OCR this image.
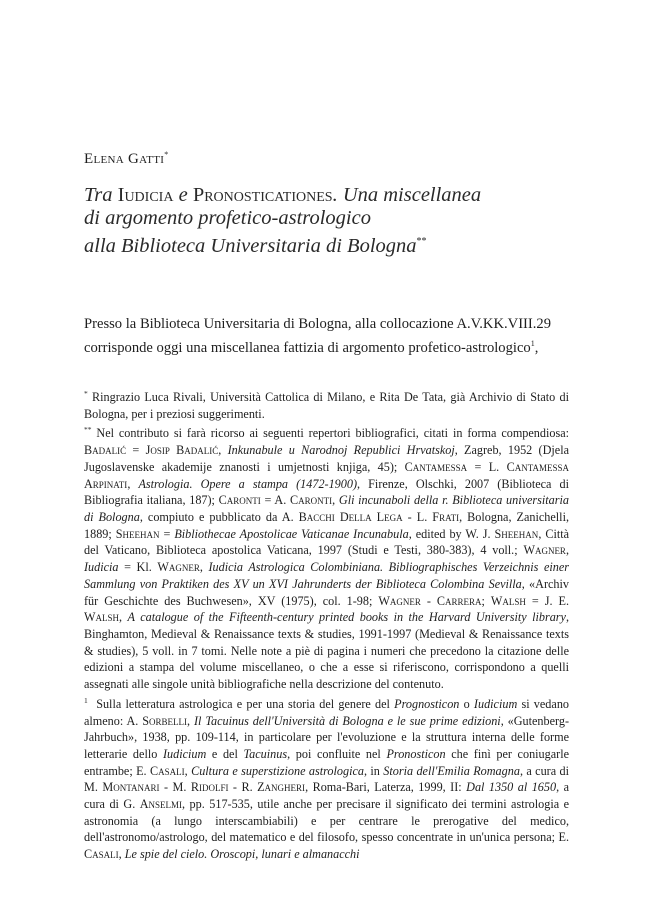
Elena Gatti*
Tra Iudicia e Pronosticationes. Una miscellanea
di argomento profetico-astrologico
alla Biblioteca Universitaria di Bologna**
Presso la Biblioteca Universitaria di Bologna, alla collocazione A.V.KK.VIII.29
corrisponde oggi una miscellanea fattizia di argomento profetico-astrologico$^1$,

* Ringrazio Luca Rivali, Università Cattolica di Milano, e Rita De Tata, già Archivio di Stato di Bologna, per i preziosi suggerimenti.

** Nel contributo si farà ricorso ai seguenti repertori bibliografici, citati in forma compendiosa: Badalić = Josip Badalić, Inkunabule u Narodnoj Republici Hrvatskoj, Zagreb, 1952 (Djela Jugoslavenske akademije znanosti i umjetnosti knjiga, 45); Cantamessa = L. Cantamessa Arpinati, Astrologia. Opere a stampa (1472-1900), Firenze, Olschki, 2007 (Biblioteca di Bibliografia italiana, 187); Caronti = A. Caronti, Gli incunaboli della r. Biblioteca universitaria di Bologna, compiuto e pubblicato da A. Bacchi Della Lega - L. Frati, Bologna, Zanichelli, 1889; Sheehan = Bibliothecae Apostolicae Vaticanae Incunabula, edited by W. J. Sheehan, Città del Vaticano, Biblioteca apostolica Vaticana, 1997 (Studi e Testi, 380-383), 4 voll.; Wagner, Iudicia = Kl. Wagner, Iudicia Astrologica Colombiniana. Bibliographisches Verzeichnis einer Sammlung von Praktiken des XV un XVI Jahrunderts der Biblioteca Colombina Sevilla, «Archiv für Geschichte des Buchwesen», XV (1975), col. 1-98; Wagner - Carrera; Walsh = J. E. Walsh, A catalogue of the Fifteenth-century printed books in the Harvard University library, Binghamton, Medieval & Renaissance texts & studies, 1991-1997 (Medieval & Renaissance texts & studies), 5 voll. in 7 tomi. Nelle note a piè di pagina i numeri che precedono la citazione delle edizioni a stampa del volume miscellaneo, o che a esse si riferiscono, corrispondono a quelli assegnati alle singole unità bibliografiche nella descrizione del contenuto.

$^1$ Sulla letteratura astrologica e per una storia del genere del Prognosticon o Iudicium si vedano almeno: A. Sorbelli, Il Tacuinus dell'Università di Bologna e le sue prime edizioni, «Gutenberg-Jahrbuch», 1938, pp. 109-114, in particolare per l'evoluzione e la struttura interna delle forme letterarie dello Iudicium e del Tacuinus, poi confluite nel Pronosticon che finì per coniugarle entrambe; E. Casali, Cultura e superstizione astrologica, in Storia dell'Emilia Romagna, a cura di M. Montanari - M. Ridolfi - R. Zangheri, Roma-Bari, Laterza, 1999, II: Dal 1350 al 1650, a cura di G. Anselmi, pp. 517-535, utile anche per precisare il significato dei termini astrologia e astronomia (a lungo interscambiabili) e per centrare le prerogative del medico, dell'astronomo/astrologo, del matematico e del filosofo, spesso concentrate in un'unica persona; E. Casali, Le spie del cielo. Oroscopi, lunari e almanacchi
